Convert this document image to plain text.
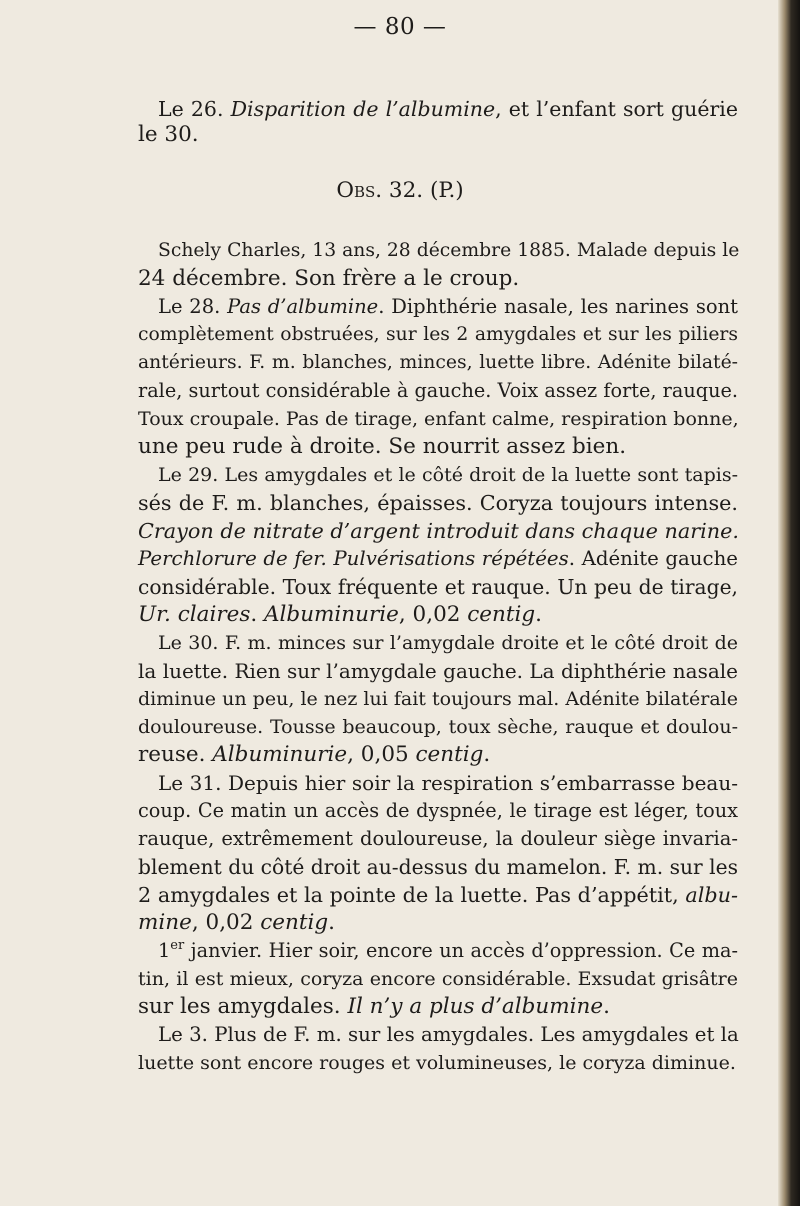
— 80 —
Le 26. Disparition de l’albumine, et l’enfant sort guérie
le 30.
Obs. 32. (P.)
Schely Charles, 13 ans, 28 décembre 1885. Malade depuis le
24 décembre. Son frère a le croup.
Le 28. Pas d’albumine. Diphthérie nasale, les narines sont
complètement obstruées, sur les 2 amygdales et sur les piliers
antérieurs. F. m. blanches, minces, luette libre. Adénite bilaté-
rale, surtout considérable à gauche. Voix assez forte, rauque.
Toux croupale. Pas de tirage, enfant calme, respiration bonne,
une peu rude à droite. Se nourrit assez bien.
Le 29. Les amygdales et le côté droit de la luette sont tapis-
sés de F. m. blanches, épaisses. Coryza toujours intense.
Crayon de nitrate d’argent introduit dans chaque narine.
Perchlorure de fer. Pulvérisations répétées. Adénite gauche
considérable. Toux fréquente et rauque. Un peu de tirage,
Ur. claires. Albuminurie, 0,02 centig.
Le 30. F. m. minces sur l’amygdale droite et le côté droit de
la luette. Rien sur l’amygdale gauche. La diphthérie nasale
diminue un peu, le nez lui fait toujours mal. Adénite bilatérale
douloureuse. Tousse beaucoup, toux sèche, rauque et doulou-
reuse. Albuminurie, 0,05 centig.
Le 31. Depuis hier soir la respiration s’embarrasse beau-
coup. Ce matin un accès de dyspnée, le tirage est léger, toux
rauque, extrêmement douloureuse, la douleur siège invaria-
blement du côté droit au-dessus du mamelon. F. m. sur les
2 amygdales et la pointe de la luette. Pas d’appétit, albu-
mine, 0,02 centig.
1er janvier. Hier soir, encore un accès d’oppression. Ce ma-
tin, il est mieux, coryza encore considérable. Exsudat grisâtre
sur les amygdales. Il n’y a plus d’albumine.
Le 3. Plus de F. m. sur les amygdales. Les amygdales et la
luette sont encore rouges et volumineuses, le coryza diminue.
